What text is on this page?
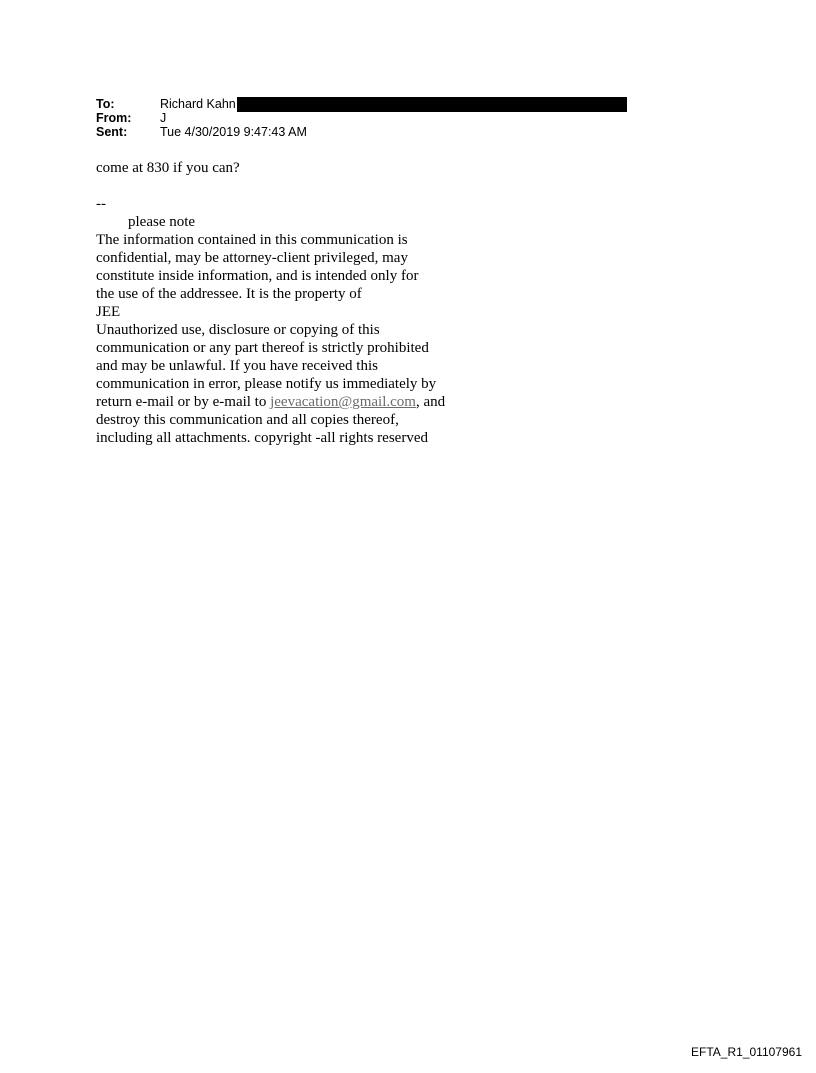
To:	Richard Kahn
From:	J
Sent:	Tue 4/30/2019 9:47:43 AM

come at 830 if you can?

--

please note

The information contained in this communication is

confidential, may be attorney-client privileged, may

constitute inside information, and is intended only for

the use of the addressee. It is the property of

JEE

Unauthorized use, disclosure or copying of this

communication or any part thereof is strictly prohibited

and may be unlawful. If you have received this

communication in error, please notify us immediately by

return e-mail or by e-mail to jeevacation@gmail.com, and

destroy this communication and all copies thereof,

including all attachments. copyright -all rights reserved

EFTA_R1_01107961
